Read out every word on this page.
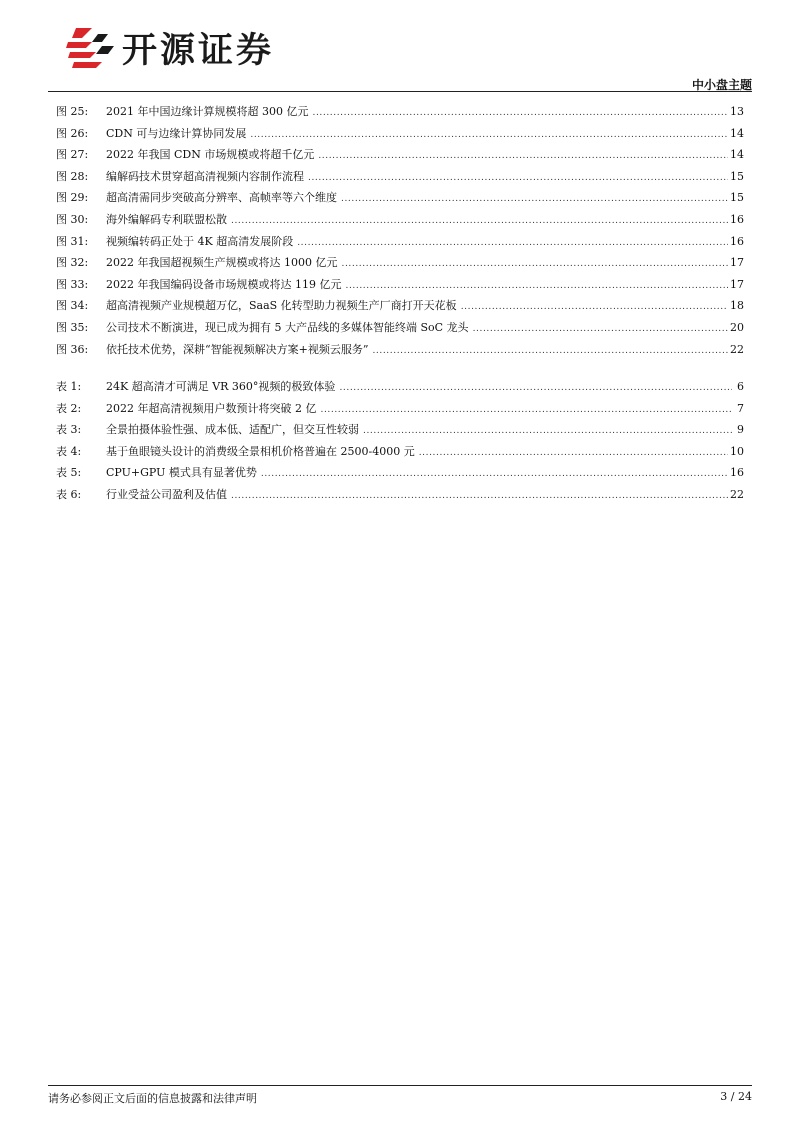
开源证券
中小盘主题
图 25:	2021 年中国边缘计算规模将超 300 亿元 .....	13
图 26:	CDN 可与边缘计算协同发展 .....	14
图 27:	2022 年我国 CDN 市场规模或将超千亿元 .....	14
图 28:	编解码技术贯穿超高清视频内容制作流程 .....	15
图 29:	超高清需同步突破高分辨率、高帧率等六个维度 .....	15
图 30:	海外编解码专利联盟松散 .....	16
图 31:	视频编转码正处于 4K 超高清发展阶段 .....	16
图 32:	2022 年我国超视频生产规模或将达 1000 亿元 .....	17
图 33:	2022 年我国编码设备市场规模或将达 119 亿元 .....	17
图 34:	超高清视频产业规模超万亿，SaaS 化转型助力视频生产厂商打开天花板 .....	18
图 35:	公司技术不断演进，现已成为拥有 5 大产品线的多媒体智能终端 SoC 龙头 .....	20
图 36:	依托技术优势，深耕“智能视频解决方案+视频云服务” .....	22
表 1:	24K 超高清才可满足 VR 360°视频的极致体验 .....	6
表 2:	2022 年超高清视频用户数预计将突破 2 亿 .....	7
表 3:	全景拍摄体验性强、成本低、适配广，但交互性较弱 .....	9
表 4:	基于鱼眼镜头设计的消费级全景相机价格普遍在 2500-4000 元 .....	10
表 5:	CPU+GPU 模式具有显著优势 .....	16
表 6:	行业受益公司盈利及估值 .....	22
请务必参阅正文后面的信息披露和法律声明	3 / 24
